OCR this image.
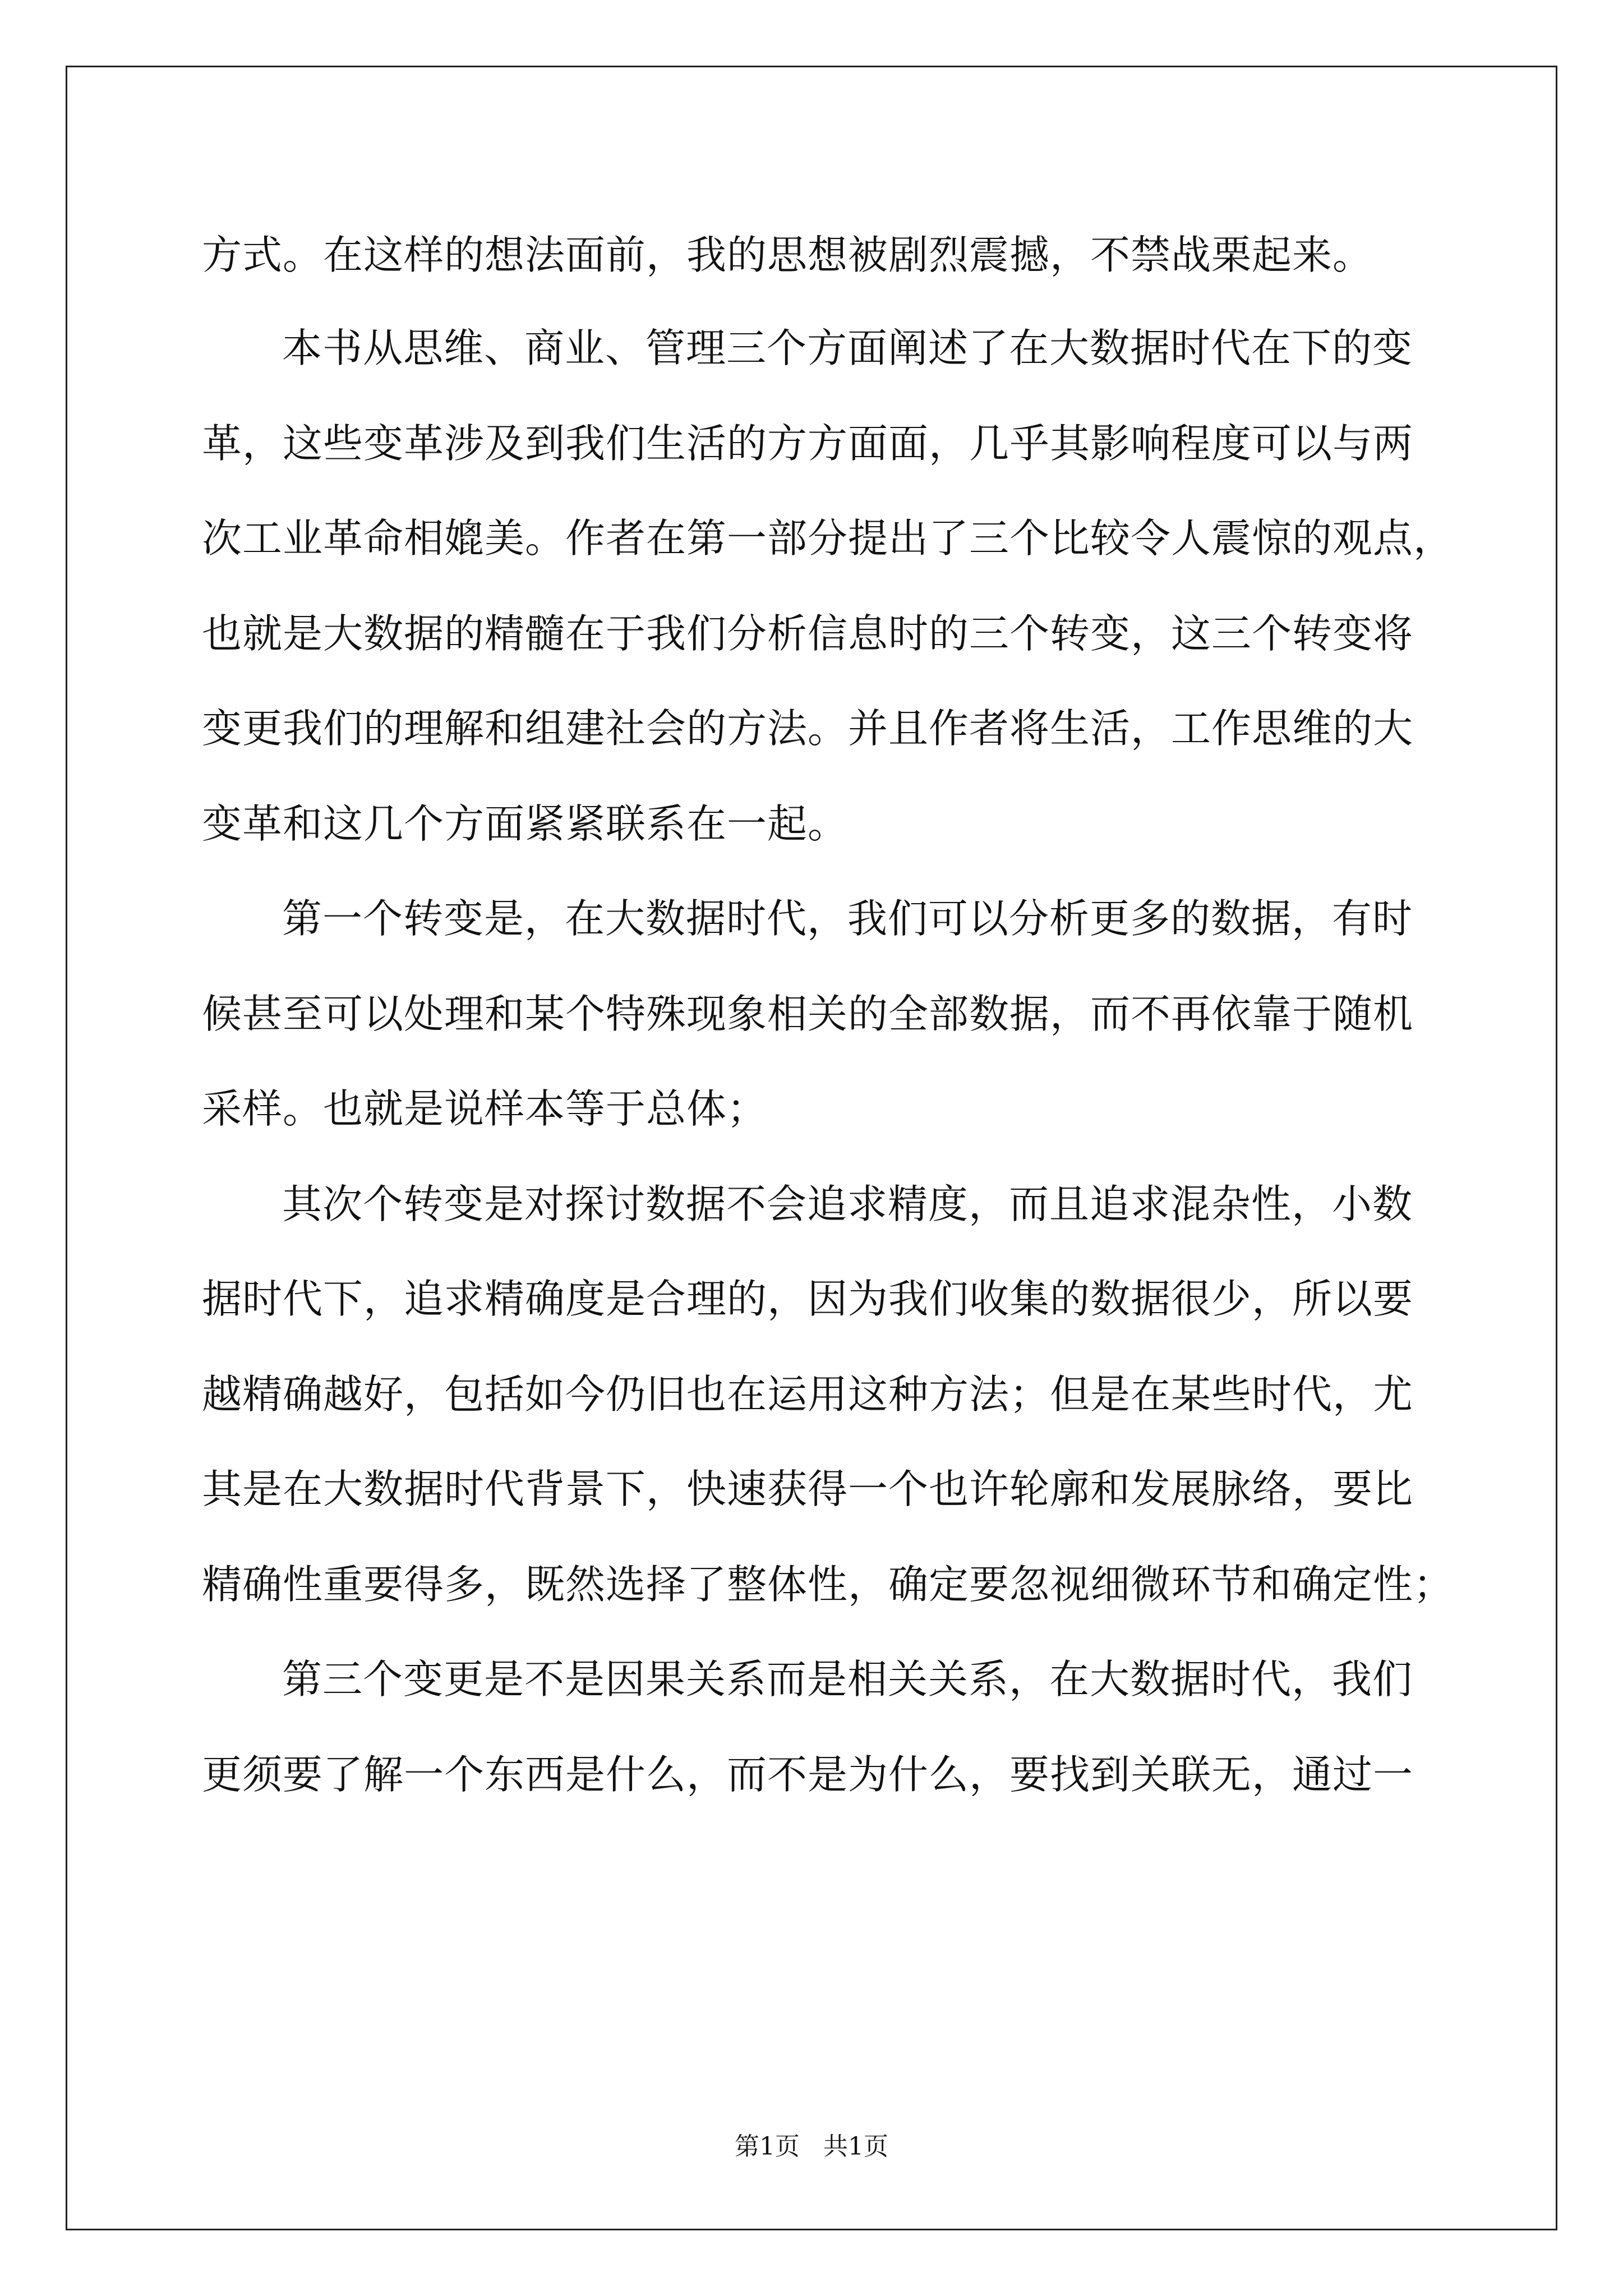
方式。在这样的想法面前，我的思想被剧烈震撼，不禁战栗起来。
本书从思维、商业、管理三个方面阐述了在大数据时代在下的变
革，这些变革涉及到我们生活的方方面面，几乎其影响程度可以与两
次工业革命相媲美。作者在第一部分提出了三个比较令人震惊的观点，
也就是大数据的精髓在于我们分析信息时的三个转变，这三个转变将
变更我们的理解和组建社会的方法。并且作者将生活，工作思维的大
变革和这几个方面紧紧联系在一起。
第一个转变是，在大数据时代，我们可以分析更多的数据，有时
候甚至可以处理和某个特殊现象相关的全部数据，而不再依靠于随机
采样。也就是说样本等于总体；
其次个转变是对探讨数据不会追求精度，而且追求混杂性，小数
据时代下，追求精确度是合理的，因为我们收集的数据很少，所以要
越精确越好，包括如今仍旧也在运用这种方法；但是在某些时代，尤
其是在大数据时代背景下，快速获得一个也许轮廓和发展脉络，要比
精确性重要得多，既然选择了整体性，确定要忽视细微环节和确定性；
第三个变更是不是因果关系而是相关关系，在大数据时代，我们
更须要了解一个东西是什么，而不是为什么，要找到关联无，通过一
第1页   共1页
